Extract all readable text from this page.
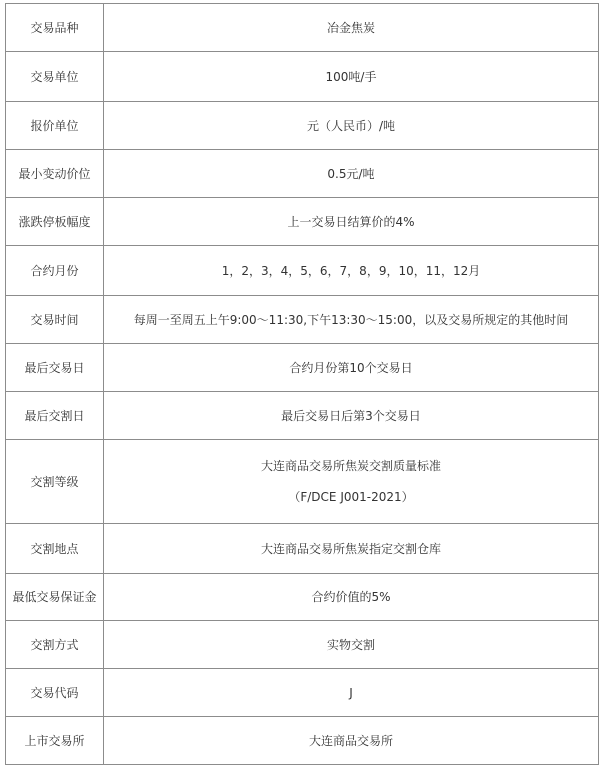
交易品种	冶金焦炭
交易单位	100吨/手
报价单位	元（人民币）/吨
最小变动价位	0.5元/吨
涨跌停板幅度	上一交易日结算价的4%
合约月份	1，2，3，4，5，6，7，8，9，10，11，12月
交易时间	每周一至周五上午9:00～11:30,下午13:30～15:00，以及交易所规定的其他时间
最后交易日	合约月份第10个交易日
最后交割日	最后交易日后第3个交易日
交割等级	大连商品交易所焦炭交割质量标准
（F/DCE J001-2021）

交割地点	大连商品交易所焦炭指定交割仓库
最低交易保证金	合约价值的5%
交割方式	实物交割
交易代码	J
上市交易所	大连商品交易所
